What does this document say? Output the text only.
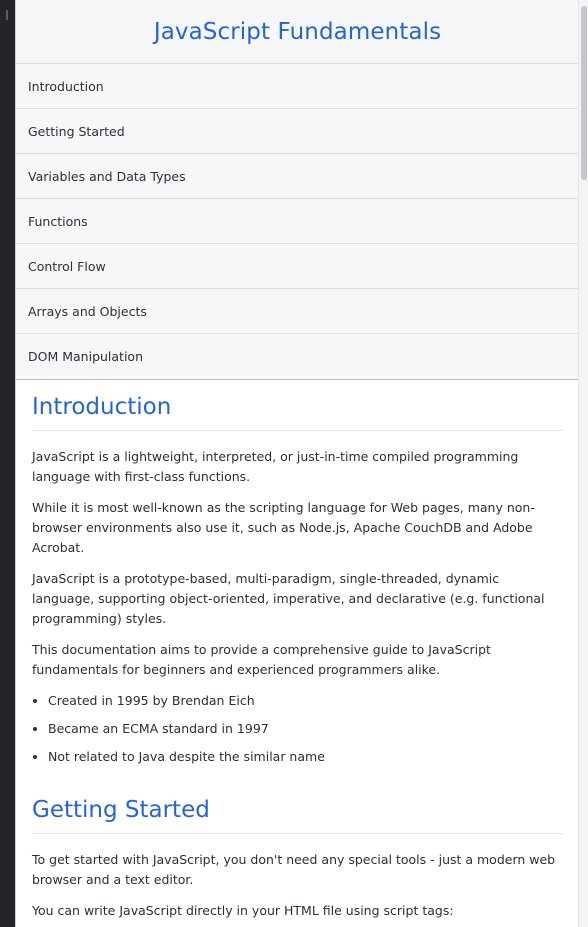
JavaScript Fundamentals
Introduction
Getting Started
Variables and Data Types
Functions
Control Flow
Arrays and Objects
DOM Manipulation
Introduction

JavaScript is a lightweight, interpreted, or just-in-time compiled programming language with first-class functions.

While it is most well-known as the scripting language for Web pages, many non-browser environments also use it, such as Node.js, Apache CouchDB and Adobe Acrobat.

JavaScript is a prototype-based, multi-paradigm, single-threaded, dynamic language, supporting object-oriented, imperative, and declarative (e.g. functional programming) styles.

This documentation aims to provide a comprehensive guide to JavaScript fundamentals for beginners and experienced programmers alike.

• Created in 1995 by Brendan Eich
• Became an ECMA standard in 1997
• Not related to Java despite the similar name
Getting Started

To get started with JavaScript, you don't need any special tools - just a modern web browser and a text editor.

You can write JavaScript directly in your HTML file using script tags:
